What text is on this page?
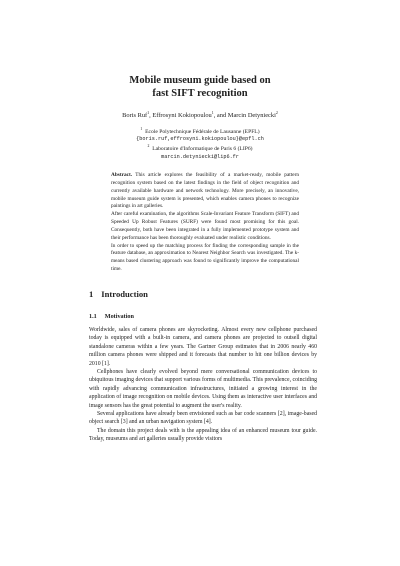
Mobile museum guide based on
fast SIFT recognition
Boris Ruf$^1$, Effrosyni Kokiopoulou$^1$, and Marcin Detyniecki$^2$
$^1$ Ecole Polytechnique Fédérale de Lausanne (EPFL)
{boris.ruf,effrosyni.kokiopoulou}@epfl.ch
$^2$ Laboratoire d'Informatique de Paris 6 (LIP6)
marcin.detyniecki@lip6.fr

Abstract. This article explores the feasibility of a market-ready, mobile pattern recognition system based on the latest findings in the field of object recognition and currently available hardware and network technology. More precisely, an innovative, mobile museum guide system is presented, which enables camera phones to recognize paintings in art galleries.

After careful examination, the algorithms Scale-Invariant Feature Transform (SIFT) and Speeded Up Robust Features (SURF) were found most promising for this goal. Consequently, both have been integrated in a fully implemented prototype system and their performance has been thoroughly evaluated under realistic conditions.

In order to speed up the matching process for finding the corresponding sample in the feature database, an approximation to Nearest Neighbor Search was investigated. The k-means based clustering approach was found to significantly improve the computational time.

1 Introduction
1.1 Motivation

Worldwide, sales of camera phones are skyrocketing. Almost every new cellphone purchased today is equipped with a built-in camera, and camera phones are projected to outsell digital standalone cameras within a few years. The Gartner Group estimates that in 2006 nearly 460 million camera phones were shipped and it forecasts that number to hit one billion devices by 2010 [1].

Cellphones have clearly evolved beyond mere conversational communication devices to ubiquitous imaging devices that support various forms of multimedia. This prevalence, coinciding with rapidly advancing communication infrastructures, initiated a growing interest in the application of image recognition on mobile devices. Using them as interactive user interfaces and image sensors has the great potential to augment the user's reality.

Several applications have already been envisioned such as bar code scanners [2], image-based object search [3] and an urban navigation system [4].

The domain this project deals with is the appealing idea of an enhanced museum tour guide. Today, museums and art galleries usually provide visitors
